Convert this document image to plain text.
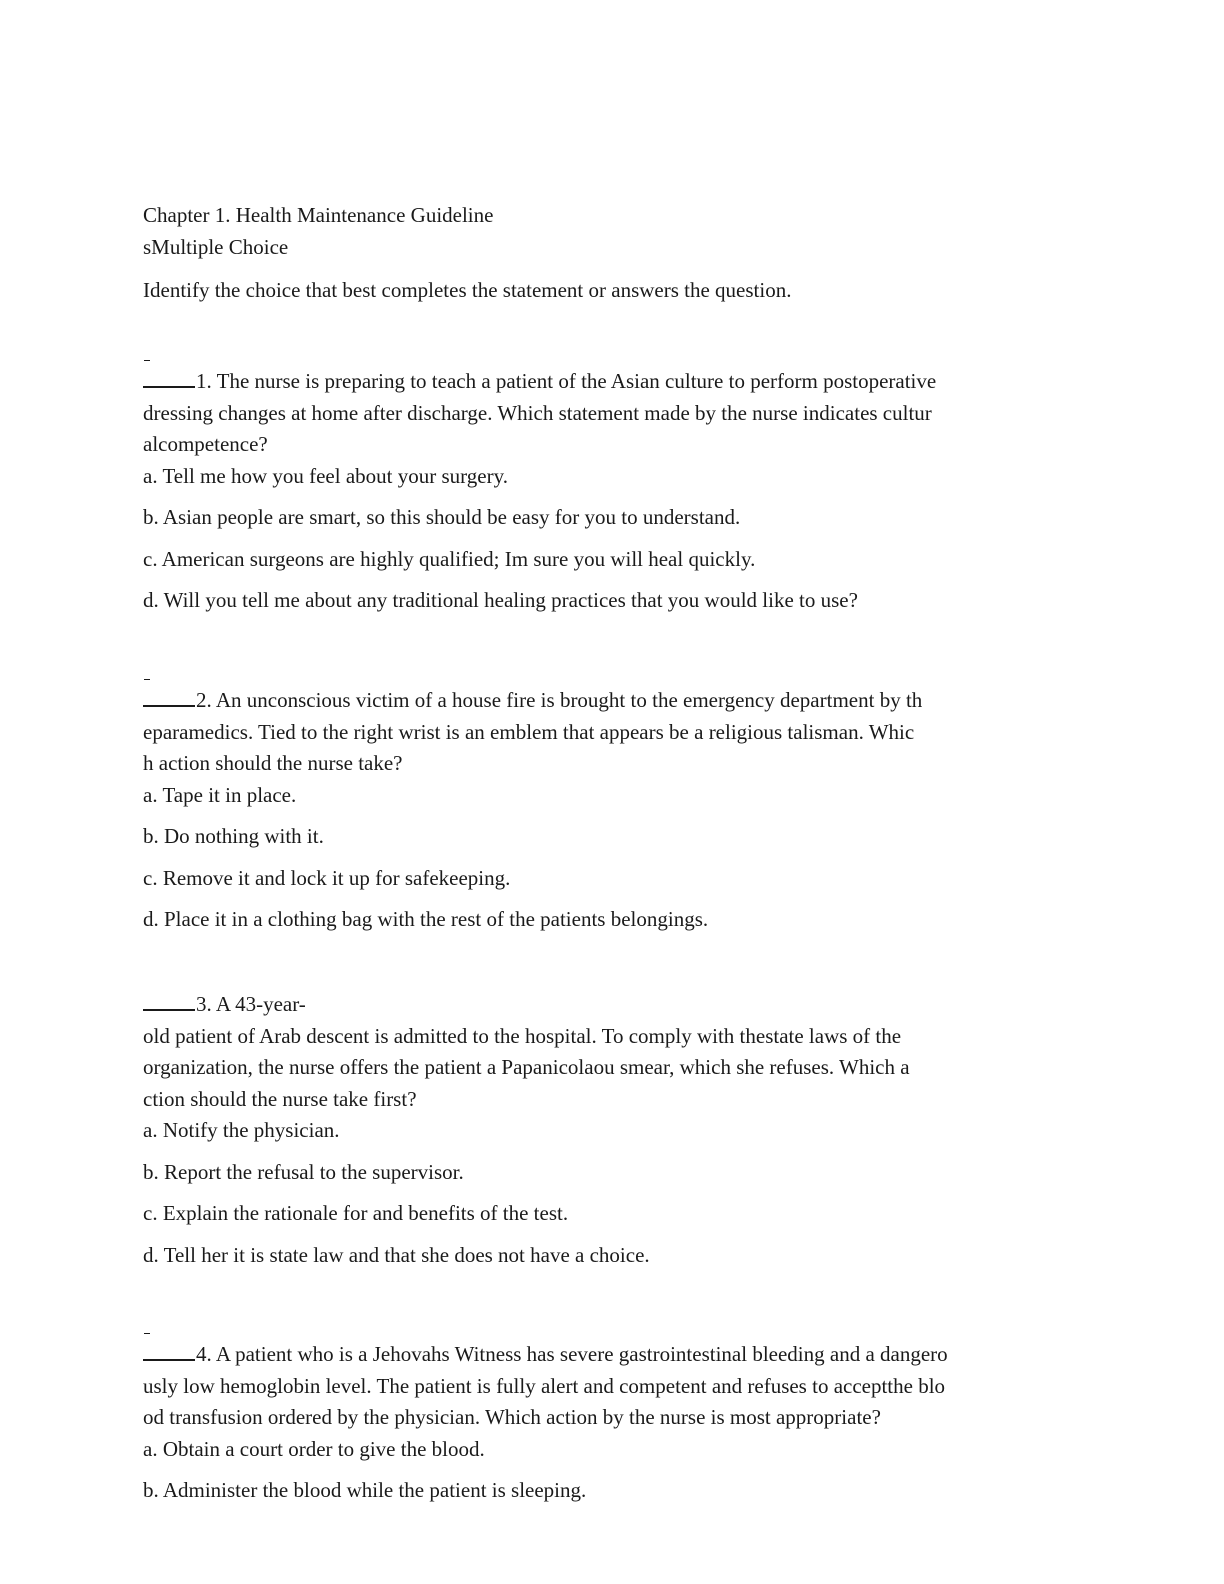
Chapter 1. Health Maintenance Guideline
sMultiple Choice
Identify the choice that best completes the statement or answers the question.
1. The nurse is preparing to teach a patient of the Asian culture to perform postoperative
dressing changes at home after discharge. Which statement made by the nurse indicates cultur
alcompetence?
a. Tell me how you feel about your surgery.
b. Asian people are smart, so this should be easy for you to understand.
c. American surgeons are highly qualified; Im sure you will heal quickly.
d. Will you tell me about any traditional healing practices that you would like to use?
2. An unconscious victim of a house fire is brought to the emergency department by th
eparamedics. Tied to the right wrist is an emblem that appears be a religious talisman. Whic
h action should the nurse take?
a. Tape it in place.
b. Do nothing with it.
c. Remove it and lock it up for safekeeping.
d. Place it in a clothing bag with the rest of the patients belongings.
3. A 43-year-
old patient of Arab descent is admitted to the hospital. To comply with thestate laws of the
organization, the nurse offers the patient a Papanicolaou smear, which she refuses. Which a
ction should the nurse take first?
a. Notify the physician.
b. Report the refusal to the supervisor.
c. Explain the rationale for and benefits of the test.
d. Tell her it is state law and that she does not have a choice.
4. A patient who is a Jehovahs Witness has severe gastrointestinal bleeding and a dangero
usly low hemoglobin level. The patient is fully alert and competent and refuses to acceptthe blo
od transfusion ordered by the physician. Which action by the nurse is most appropriate?
a. Obtain a court order to give the blood.
b. Administer the blood while the patient is sleeping.
